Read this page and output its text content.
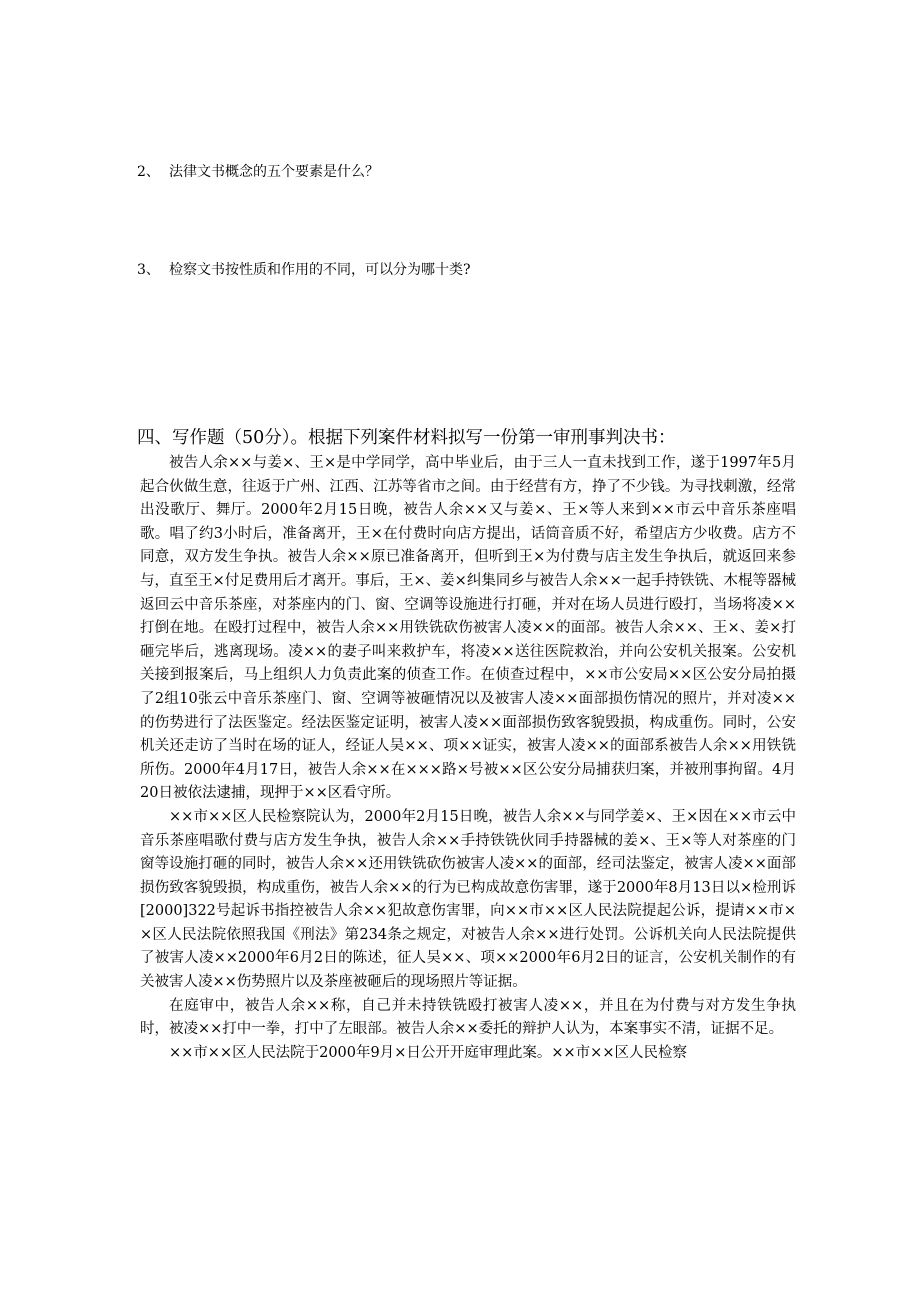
2、 法律文书概念的五个要素是什么？
3、 检察文书按性质和作用的不同，可以分为哪十类?
四、写作题（50分）。根据下列案件材料拟写一份第一审刑事判决书：

被告人余××与姜×、王×是中学同学，高中毕业后，由于三人一直未找到工作，遂于1997年5月起合伙做生意，往返于广州、江西、江苏等省市之间。由于经营有方，挣了不少钱。为寻找刺激，经常出没歌厅、舞厅。2000年2月15日晚，被告人余××又与姜×、王×等人来到××市云中音乐茶座唱歌。唱了约3小时后，准备离开，王×在付费时向店方提出，话筒音质不好，希望店方少收费。店方不同意，双方发生争执。被告人余××原已准备离开，但听到王×为付费与店主发生争执后，就返回来参与，直至王×付足费用后才离开。事后，王×、姜×纠集同乡与被告人余××一起手持铁铣、木棍等器械返回云中音乐茶座，对茶座内的门、窗、空调等设施进行打砸，并对在场人员进行殴打，当场将凌××打倒在地。在殴打过程中，被告人余××用铁铣砍伤被害人凌××的面部。被告人余××、王×、姜×打砸完毕后，逃离现场。凌××的妻子叫来救护车，将凌××送往医院救治，并向公安机关报案。公安机关接到报案后，马上组织人力负责此案的侦查工作。在侦查过程中，××市公安局××区公安分局拍摄了2组10张云中音乐茶座门、窗、空调等被砸情况以及被害人凌××面部损伤情况的照片，并对凌××的伤势进行了法医鉴定。经法医鉴定证明，被害人凌××面部损伤致客貌毁损，构成重伤。同时，公安机关还走访了当时在场的证人，经证人吴××、项××证实，被害人凌××的面部系被告人余××用铁铣所伤。2000年4月17日，被告人余××在×××路×号被××区公安分局捕获归案，并被刑事拘留。4月20日被依法逮捕，现押于××区看守所。

××市××区人民检察院认为，2000年2月15日晚，被告人余××与同学姜×、王×因在××市云中音乐茶座唱歌付费与店方发生争执，被告人余××手持铁铣伙同手持器械的姜×、王×等人对茶座的门窗等设施打砸的同时，被告人余××还用铁铣砍伤被害人凌××的面部，经司法鉴定，被害人凌××面部损伤致客貌毁损，构成重伤，被告人余××的行为已构成故意伤害罪，遂于2000年8月13日以×检刑诉[2000]322号起诉书指控被告人余××犯故意伤害罪，向××市××区人民法院提起公诉，提请××市××区人民法院依照我国《刑法》第234条之规定，对被告人余××进行处罚。公诉机关向人民法院提供了被害人凌××2000年6月2日的陈述，征人吴××、项××2000年6月2日的证言，公安机关制作的有关被害人凌××伤势照片以及茶座被砸后的现场照片等证据。

在庭审中，被告人余××称，自己并未持铁铣殴打被害人凌××，并且在为付费与对方发生争执时，被凌××打中一拳，打中了左眼部。被告人余××委托的辩护人认为，本案事实不清，证据不足。

××市××区人民法院于2000年9月×日公开开庭审理此案。××市××区人民检察
